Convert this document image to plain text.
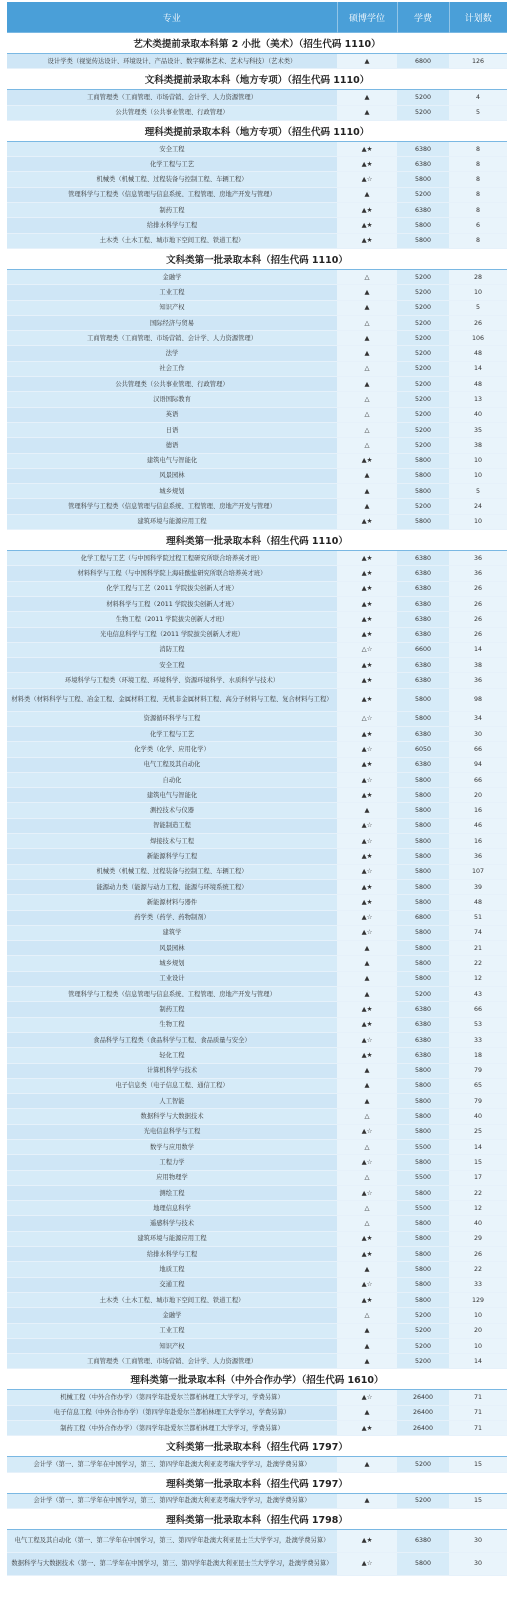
专业	硕博学位	学费	计划数
艺术类提前录取本科第 2 小批（美术）（招生代码 1110）			
设计学类（视觉传达设计、环境设计、产品设计、数字媒体艺术、艺术与科技）（艺术类）	▲	6800	126
文科类提前录取本科（地方专项）（招生代码 1110）			
工商管理类（工商管理、市场营销、会计学、人力资源管理）	▲	5200	4
公共管理类（公共事业管理、行政管理）	▲	5200	5
理科类提前录取本科（地方专项）（招生代码 1110）			
安全工程	▲★	6380	8
化学工程与工艺	▲★	6380	8
机械类（机械工程、过程装备与控制工程、车辆工程）	▲☆	5800	8
管理科学与工程类（信息管理与信息系统、工程管理、房地产开发与管理）	▲	5200	8
制药工程	▲★	6380	8
给排水科学与工程	▲★	5800	6
土木类（土木工程、城市地下空间工程、铁道工程）	▲★	5800	8
文科类第一批录取本科（招生代码 1110）			
金融学	△	5200	28
工业工程	▲	5200	10
知识产权	▲	5200	5
国际经济与贸易	△	5200	26
工商管理类（工商管理、市场营销、会计学、人力资源管理）	▲	5200	106
法学	▲	5200	48
社会工作	△	5200	14
公共管理类（公共事业管理、行政管理）	▲	5200	48
汉语国际教育	△	5200	13
英语	△	5200	40
日语	△	5200	35
德语	△	5200	38
建筑电气与智能化	▲★	5800	10
风景园林	▲	5800	10
城乡规划	▲	5800	5
管理科学与工程类（信息管理与信息系统、工程管理、房地产开发与管理）	▲	5200	24
建筑环境与能源应用工程	▲★	5800	10
理科类第一批录取本科（招生代码 1110）			
化学工程与工艺（与中国科学院过程工程研究所联合培养英才班）	▲★	6380	36
材料科学与工程（与中国科学院上海硅酸盐研究所联合培养英才班）	▲★	6380	36
化学工程与工艺（2011 学院拔尖创新人才班）	▲★	6380	26
材料科学与工程（2011 学院拔尖创新人才班）	▲★	6380	26
生物工程（2011 学院拔尖创新人才班）	▲★	6380	26
光电信息科学与工程（2011 学院拔尖创新人才班）	▲★	6380	26
消防工程	△☆	6600	14
安全工程	▲★	6380	38
环境科学与工程类（环境工程、环境科学、资源环境科学、水质科学与技术）	▲★	6380	36
材料类（材料科学与工程、冶金工程、金属材料工程、无机非金属材料工程、高分子材料与工程、复合材料与工程）	▲★	5800	98
资源循环科学与工程	△☆	5800	34
化学工程与工艺	▲★	6380	30
化学类（化学、应用化学）	▲☆	6050	66
电气工程及其自动化	▲★	6380	94
自动化	▲☆	5800	66
建筑电气与智能化	▲★	5800	20
测控技术与仪器	▲	5800	16
智能制造工程	▲☆	5800	46
焊接技术与工程	▲☆	5800	16
新能源科学与工程	▲★	5800	36
机械类（机械工程、过程装备与控制工程、车辆工程）	▲☆	5800	107
能源动力类（能源与动力工程、能源与环境系统工程）	▲★	5800	39
新能源材料与器件	▲★	5800	48
药学类（药学、药物制剂）	▲☆	6800	51
建筑学	▲☆	5800	74
风景园林	▲	5800	21
城乡规划	▲	5800	22
工业设计	▲	5800	12
管理科学与工程类（信息管理与信息系统、工程管理、房地产开发与管理）	▲	5200	43
制药工程	▲★	6380	66
生物工程	▲★	6380	53
食品科学与工程类（食品科学与工程、食品质量与安全）	▲☆	6380	33
轻化工程	▲★	6380	18
计算机科学与技术	▲	5800	79
电子信息类（电子信息工程、通信工程）	▲	5800	65
人工智能	▲	5800	79
数据科学与大数据技术	△	5800	40
光电信息科学与工程	▲☆	5800	25
数学与应用数学	△	5500	14
工程力学	▲☆	5800	15
应用物理学	△	5500	17
测绘工程	▲☆	5800	22
地理信息科学	△	5500	12
遥感科学与技术	△	5800	40
建筑环境与能源应用工程	▲★	5800	29
给排水科学与工程	▲★	5800	26
地质工程	▲	5800	22
交通工程	▲☆	5800	33
土木类（土木工程、城市地下空间工程、铁道工程）	▲★	5800	129
金融学	△	5200	10
工业工程	▲	5200	20
知识产权	▲	5200	10
工商管理类（工商管理、市场营销、会计学、人力资源管理）	▲	5200	14
理科类第一批录取本科（中外合作办学）（招生代码 1610）			
机械工程（中外合作办学）（第四学年赴爱尔兰都柏林理工大学学习，学费另算）	▲☆	26400	71
电子信息工程（中外合作办学）（第四学年赴爱尔兰都柏林理工大学学习，学费另算）	▲	26400	71
制药工程（中外合作办学）（第四学年赴爱尔兰都柏林理工大学学习，学费另算）	▲★	26400	71
文科类第一批录取本科（招生代码 1797）			
会计学（第一、第二学年在中国学习，第三、第四学年赴澳大利亚麦考瑞大学学习，赴澳学费另算）	▲	5200	15
理科类第一批录取本科（招生代码 1797）			
会计学（第一、第二学年在中国学习，第三、第四学年赴澳大利亚麦考瑞大学学习，赴澳学费另算）	▲	5200	15
理科类第一批录取本科（招生代码 1798）			
电气工程及其自动化（第一、第二学年在中国学习，第三、第四学年赴澳大利亚昆士兰大学学习，赴澳学费另算）	▲★	6380	30
数据科学与大数据技术（第一、第二学年在中国学习，第三、第四学年赴澳大利亚昆士兰大学学习，赴澳学费另算）	▲☆	5800	30
